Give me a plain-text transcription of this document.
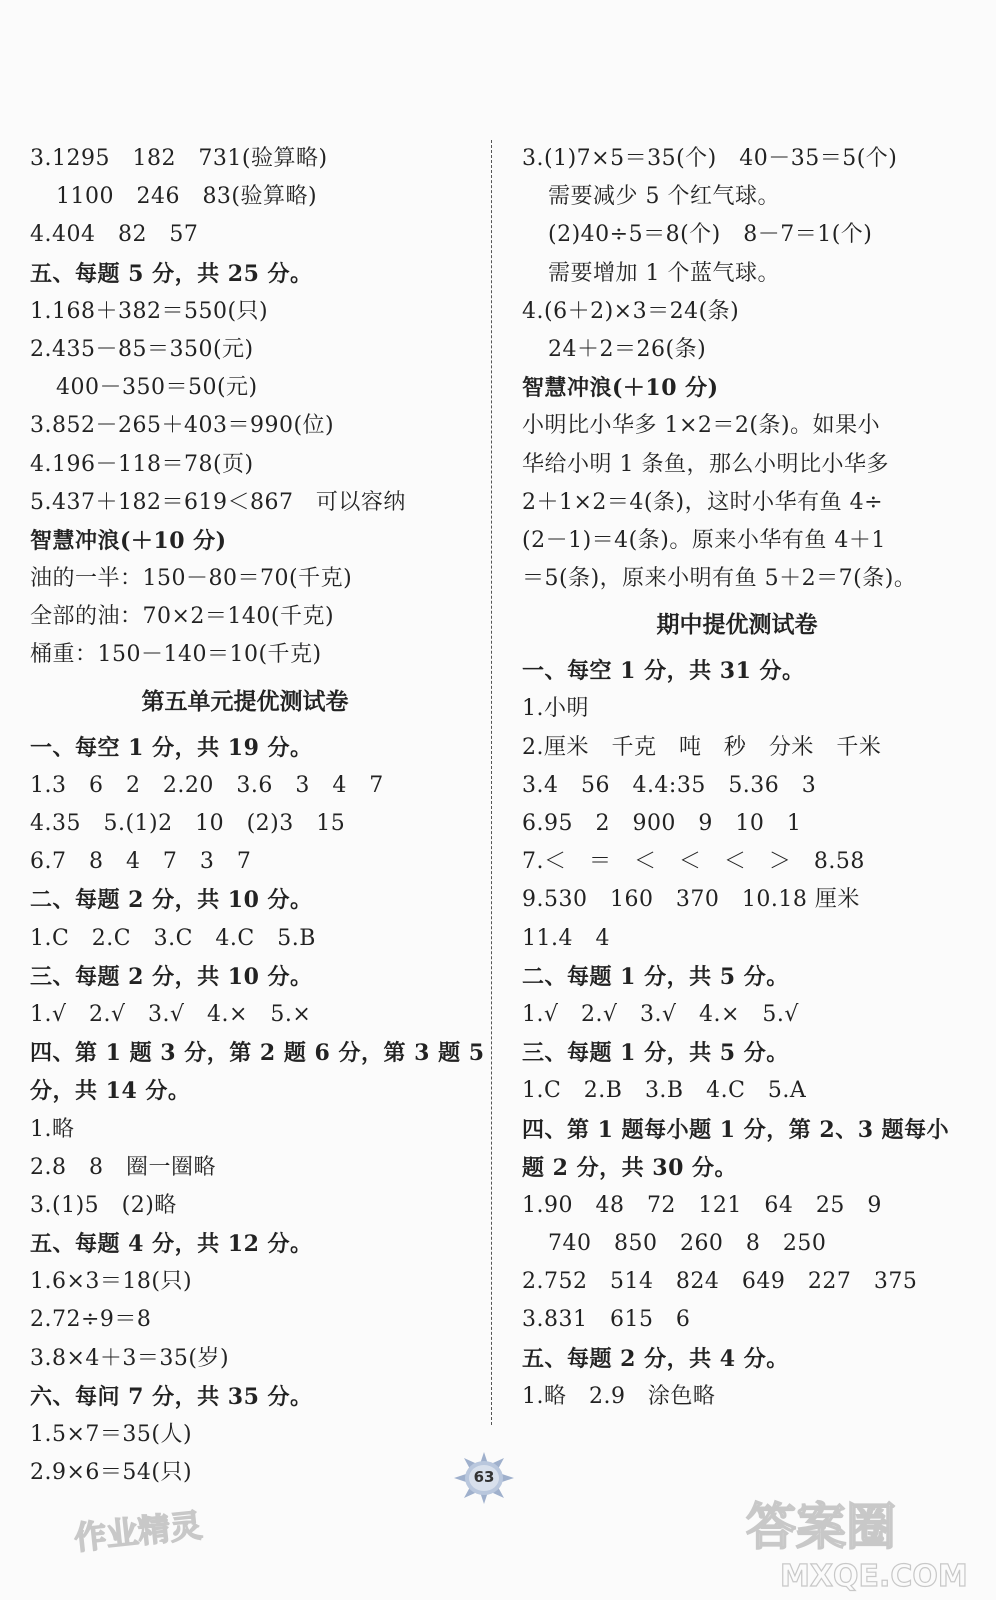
3.1295   182   731(验算略)
1100   246   83(验算略)
4.404   82   57
五、每题 5 分，共 25 分。
1.168＋382＝550(只)
2.435－85＝350(元)
400－350＝50(元)
3.852－265＋403＝990(位)
4.196－118＝78(页)
5.437＋182＝619＜867   可以容纳
智慧冲浪(＋10 分)
油的一半：150－80＝70(千克)
全部的油：70×2＝140(千克)
桶重：150－140＝10(千克)
第五单元提优测试卷
一、每空 1 分，共 19 分。
1.3   6   2   2.20   3.6   3   4   7
4.35   5.(1)2   10   (2)3   15
6.7   8   4   7   3   7
二、每题 2 分，共 10 分。
1.C   2.C   3.C   4.C   5.B
三、每题 2 分，共 10 分。
1.√   2.√   3.√   4.×   5.×
四、第 1 题 3 分，第 2 题 6 分，第 3 题 5
分，共 14 分。
1.略
2.8   8   圈一圈略
3.(1)5   (2)略
五、每题 4 分，共 12 分。
1.6×3＝18(只)
2.72÷9＝8
3.8×4＋3＝35(岁)
六、每问 7 分，共 35 分。
1.5×7＝35(人)
2.9×6＝54(只)
3.(1)7×5＝35(个)   40－35＝5(个)
需要减少 5 个红气球。
(2)40÷5＝8(个)   8－7＝1(个)
需要增加 1 个蓝气球。
4.(6＋2)×3＝24(条)
24＋2＝26(条)
智慧冲浪(＋10 分)
小明比小华多 1×2＝2(条)。如果小
华给小明 1 条鱼，那么小明比小华多
2＋1×2＝4(条)，这时小华有鱼 4÷
(2－1)＝4(条)。原来小华有鱼 4＋1
＝5(条)，原来小明有鱼 5＋2＝7(条)。
期中提优测试卷
一、每空 1 分，共 31 分。
1.小明
2.厘米   千克   吨   秒   分米   千米
3.4   56   4.4:35   5.36   3
6.95   2   900   9   10   1
7.＜   ＝   ＜   ＜   ＜   ＞   8.58
9.530   160   370   10.18 厘米
11.4   4
二、每题 1 分，共 5 分。
1.√   2.√   3.√   4.×   5.√
三、每题 1 分，共 5 分。
1.C   2.B   3.B   4.C   5.A
四、第 1 题每小题 1 分，第 2、3 题每小
题 2 分，共 30 分。
1.90   48   72   121   64   25   9
740   850   260   8   250
2.752   514   824   649   227   375
3.831   615   6
五、每题 2 分，共 4 分。
1.略   2.9   涂色略
63
作业精灵	答案圈
MXQE.COM
